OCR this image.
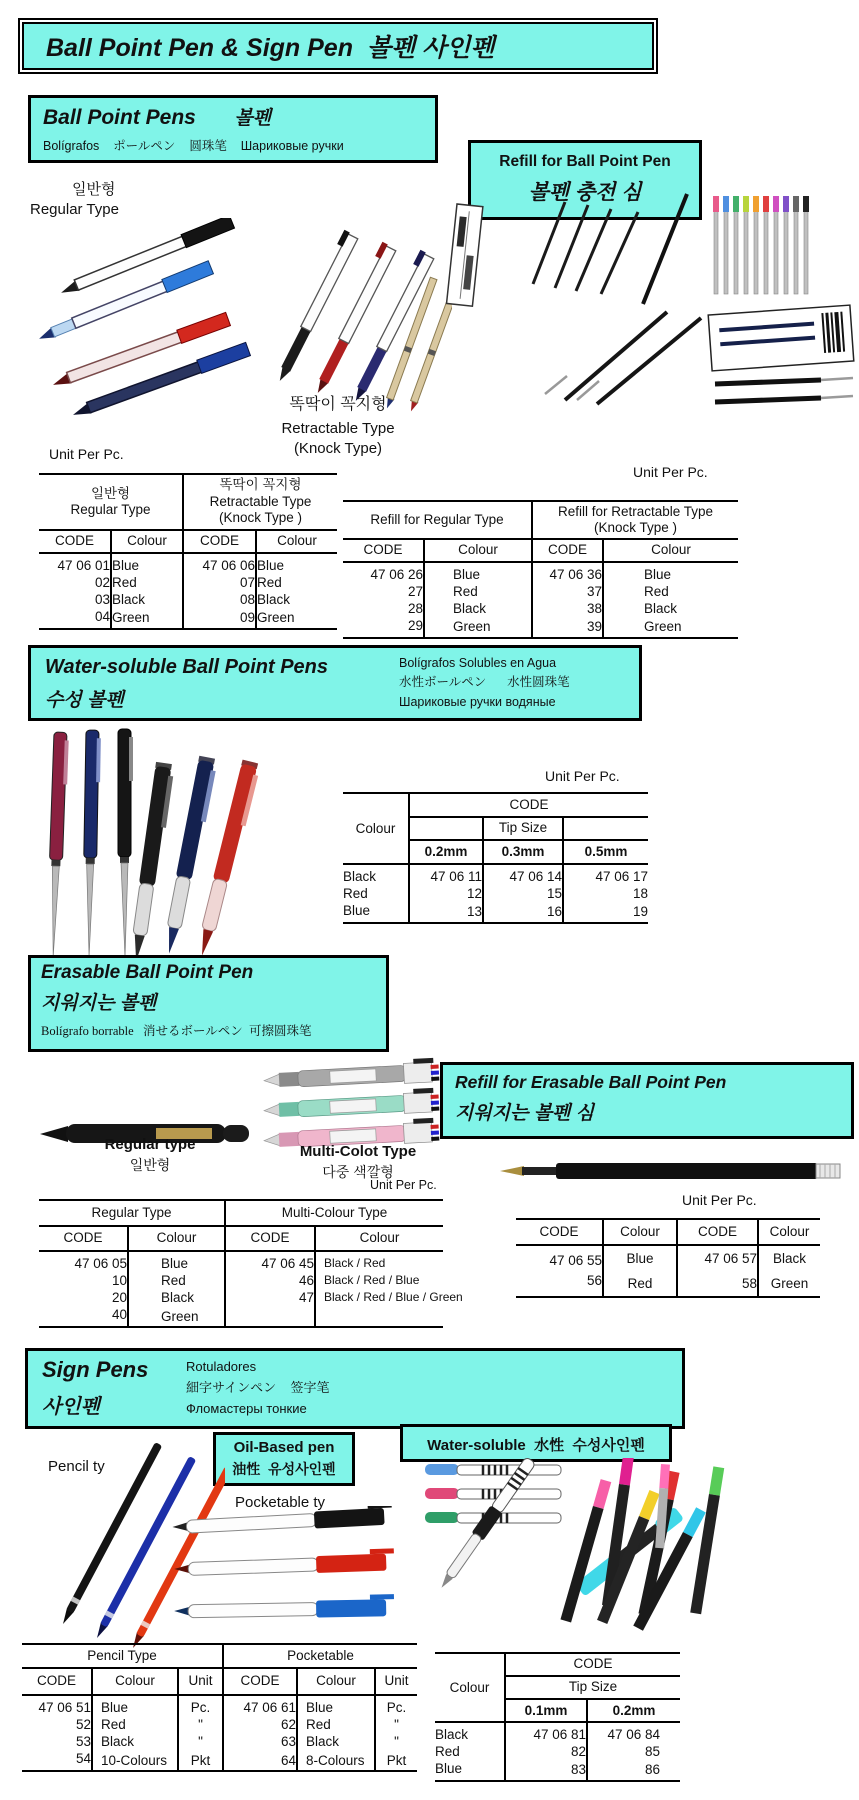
Ball Point Pen & Sign Pen  볼펜 사인펜
Ball Point Pens 볼펜
Bolígrafos    ポールペン    圆珠笔    Шариковые ручки
Refill for Ball Point Pen
볼펜 충전 심
일반형
Regular Type
똑딱이 꼭지형
Retractable Type
(Knock Type)
Unit Per Pc.
Unit Per Pc.
일반형
Regular Type		똑딱이 꼭지형
Retractable Type
(Knock Type )	

CODE	Colour	CODE	Colour
47 06 01	Blue	47 06 06	Blue
02	Red	07	Red
03	Black	08	Black
04	Green	09	Green
Refill for Regular Type		Refill for Retractable Type
(Knock Type )	

CODE	Colour	CODE	Colour
47 06 26	Blue	47 06 36	Blue
27	Red	37	Red
28	Black	38	Black
29	Green	39	Green
Water-soluble Ball Point Pens
수성 볼펜
Bolígrafos Solubles en Agua
水性ボールペン      水性圆珠笔
Шариковые ручки водяные
Unit Per Pc.
Colour	CODE		
		Tip Size	
	0.2mm	0.3mm	0.5mm
Black	47 06 11	47 06 14	47 06 17
Red	12	15	18
Blue	13	16	19
Erasable Ball Point Pen
지워지는 볼펜
Bolígrafo borrable   消せるボールペン  可擦圆珠笔
Refill for Erasable Ball Point Pen
지워지는 볼펜 심
Regular type
일반형
Multi-Colot Type
다중 색깔형
Unit Per Pc.
Unit Per Pc.
Regular Type		Multi-Colour Type	
CODE	Colour	CODE	Colour
47 06 05	Blue	47 06 45	Black / Red
10	Red	46	Black / Red / Blue
20	Black	47	Black / Red / Blue / Green
40	Green		
CODE	Colour	CODE	Colour
47 06 55	Blue	47 06 57	Black
56	Red	58	Green
Sign Pens
사인펜
Rotuladores
細字サインペン    签字笔
Фломастеры тонкие
Oil-Based pen
油性  유성사인펜
Water-soluble  水性  수성사인펜
Pencil ty
Pocketable ty
Pencil Type			Pocketable		
CODE	Colour	Unit	CODE	Colour	Unit
47 06 51	Blue	Pc.	47 06 61	Blue	Pc.
52	Red	"	62	Red	"
53	Black	"	63	Black	"
54	10-Colours	Pkt	64	8-Colours	Pkt
Colour	CODE	
	Tip Size	
	0.1mm	0.2mm
Black	47 06 81	47 06 84
Red	82	85
Blue	83	86
